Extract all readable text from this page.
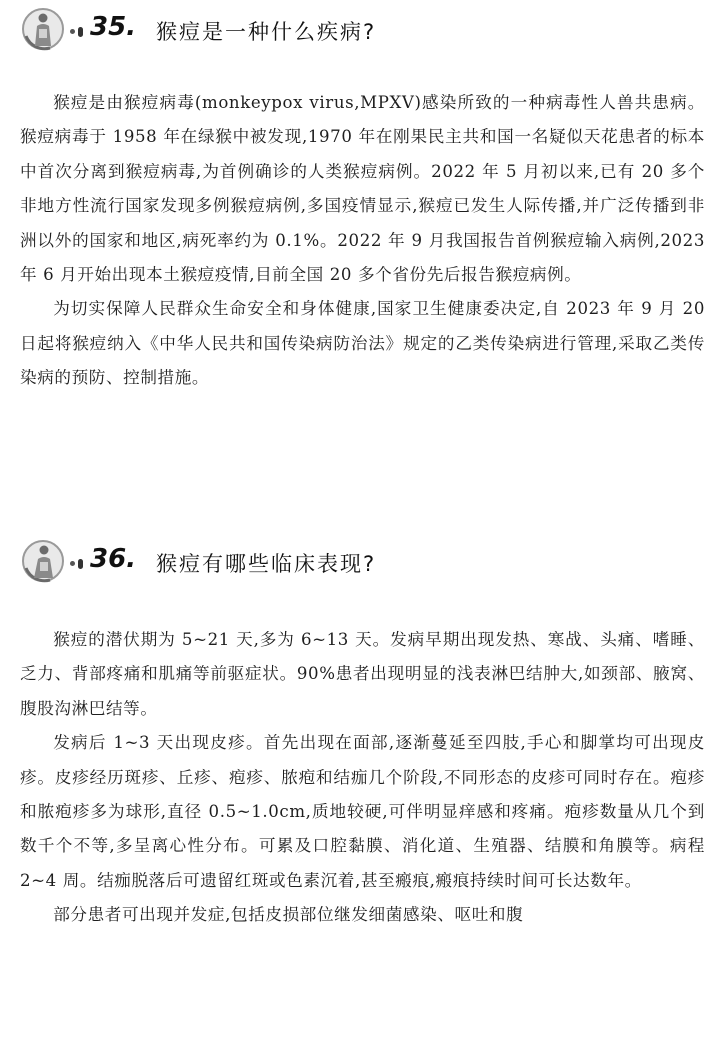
35. 猴痘是一种什么疾病?

猴痘是由猴痘病毒(monkeypox virus,MPXV)感染所致的一种病毒性人兽共患病。猴痘病毒于 1958 年在绿猴中被发现,1970 年在刚果民主共和国一名疑似天花患者的标本中首次分离到猴痘病毒,为首例确诊的人类猴痘病例。2022 年 5 月初以来,已有 20 多个非地方性流行国家发现多例猴痘病例,多国疫情显示,猴痘已发生人际传播,并广泛传播到非洲以外的国家和地区,病死率约为 0.1%。2022 年 9 月我国报告首例猴痘输入病例,2023 年 6 月开始出现本土猴痘疫情,目前全国 20 多个省份先后报告猴痘病例。

为切实保障人民群众生命安全和身体健康,国家卫生健康委决定,自 2023 年 9 月 20 日起将猴痘纳入《中华人民共和国传染病防治法》规定的乙类传染病进行管理,采取乙类传染病的预防、控制措施。

36. 猴痘有哪些临床表现?

猴痘的潜伏期为 5~21 天,多为 6~13 天。发病早期出现发热、寒战、头痛、嗜睡、乏力、背部疼痛和肌痛等前驱症状。90%患者出现明显的浅表淋巴结肿大,如颈部、腋窝、腹股沟淋巴结等。

发病后 1~3 天出现皮疹。首先出现在面部,逐渐蔓延至四肢,手心和脚掌均可出现皮疹。皮疹经历斑疹、丘疹、疱疹、脓疱和结痂几个阶段,不同形态的皮疹可同时存在。疱疹和脓疱疹多为球形,直径 0.5~1.0cm,质地较硬,可伴明显痒感和疼痛。疱疹数量从几个到数千个不等,多呈离心性分布。可累及口腔黏膜、消化道、生殖器、结膜和角膜等。病程 2~4 周。结痂脱落后可遗留红斑或色素沉着,甚至瘢痕,瘢痕持续时间可长达数年。

部分患者可出现并发症,包括皮损部位继发细菌感染、呕吐和腹
